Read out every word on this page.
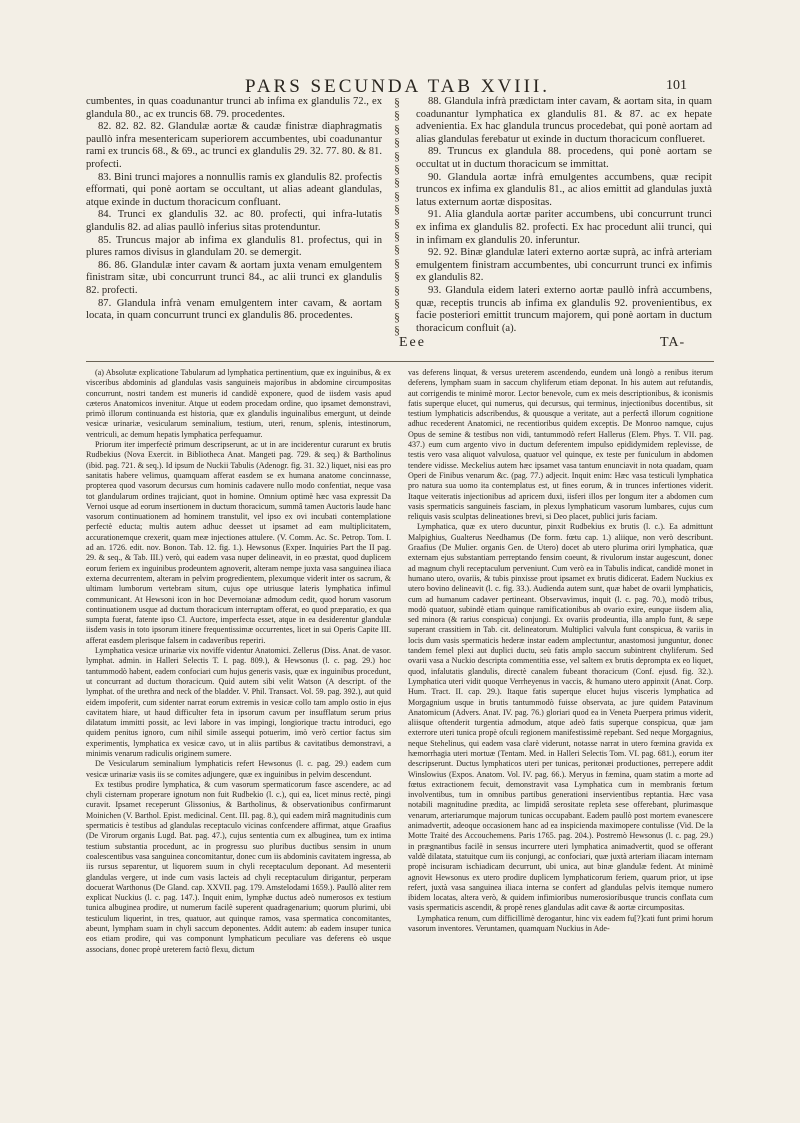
PARS SECUNDA TAB XVIII.	101

cumbentes, in quas coadunantur trunci ab infima ex glandulis 72., ex glandula 80., ac ex truncis 68. 79. procedentes.

82. 82. 82. 82. Glandulæ aortæ & caudæ finistræ diaphragmatis paullò infra mesentericam superiorem accumbentes, ubi coadunantur rami ex truncis 68., & 69., ac trunci ex glandulis 29. 32. 77. 80. & 81. profecti.

83. Bini trunci majores a nonnullis ramis ex glandulis 82. profectis efformati, qui ponè aortam se occultant, ut alias adeant glandulas, atque exinde in ductum thoracicum confluant.

84. Trunci ex glandulis 32. ac 80. profecti, qui infra-lutatis glandulis 82. ad alias paullò inferius sitas protenduntur.

85. Truncus major ab infima ex glandulis 81. profectus, qui in plures ramos divisus in glandulam 20. se demergit.

86. 86. Glandulæ inter cavam & aortam juxta venam emulgentem finistram sitæ, ubi concurrunt trunci 84., ac alii trunci ex glandulis 82. profecti.

87. Glandula infrà venam emulgentem inter cavam, & aortam locata, in quam concurrunt trunci ex glandulis 86. procedentes.

§
§
§
§
§
§
§
§
§
§
§
§
§
§
§
§
§
§

88. Glandula infrà prædictam inter cavam, & aortam sita, in quam coadunantur lymphatica ex glandulis 81. & 87. ac ex hepate advenientia. Ex hac glandula truncus procedebat, qui ponè aortam ad alias glandulas ferebatur ut exinde in ductum thoracicum conflueret.

89. Truncus ex glandula 88. procedens, qui ponè aortam se occultat ut in ductum thoracicum se immittat.

90. Glandula aortæ infrà emulgentes accumbens, quæ recipit truncos ex infima ex glandulis 81., ac alios emittit ad glandulas juxtà latus externum aortæ dispositas.

91. Alia glandula aortæ pariter accumbens, ubi concurrunt trunci ex infima ex glandulis 82. profecti. Ex hac procedunt alii trunci, qui in infimam ex glandulis 20. inferuntur.

92. 92. Binæ glandulæ lateri externo aortæ suprà, ac infrà arteriam emulgentem finistram accumbentes, ubi concurrunt trunci ex infimis ex glandulis 82.

93. Glandula eidem lateri externo aortæ paullò infrà accumbens, quæ, receptis truncis ab infima ex glandulis 92. provenientibus, ex facie posteriori emittit truncum majorem, qui ponè aortam in ductum thoracicum confluit (a).

Eee	TA-

(a) Absolutæ explicatione Tabularum ad lymphatica pertinentium, quæ ex inguinibus, & ex visceribus abdominis ad glandulas vasis sanguineis majoribus in abdomine circumpositas concurrunt, nostri tandem est muneris id candidè exponere, quod de iisdem vasis apud cæteros Anatomicos invenitur. Atque ut eodem procedam ordine, quo ipsamet demonstravi, primò illorum continuanda est historia, quæ ex glandulis inguinalibus emergunt, ut deinde vesicæ urinariæ, vesicularum seminalium, testium, uteri, renum, splenis, intestinorum, ventriculi, ac demum hepatis lymphatica perfequamur.

Priorum iter imperfectè primum descripserunt, ac ut in are inciderentur curarunt ex brutis Rudbekius (Nova Exercit. in Bibliotheca Anat. Mangeti pag. 729. & seq.) & Bartholinus (ibid. pag. 721. & seq.). Id ipsum de Nuckii Tabulis (Adenogr. fig. 31. 32.) liquet, nisi eas pro sanitatis habere velimus, quamquam afferat easdem se ex humana anatome concinnasse, propterea quod vasorum decursus cum hominis cadavere nullo modo confentiat, neque vasa tot glandularum ordines trajiciant, quot in homine. Omnium optimè hæc vasa expressit Da Vernoi usque ad eorum insertionem in ductum thoracicum, summâ tamen Auctoris laude hanc vasorum continuationem ad hominem transtulit, vel ipso ex ovi incubati contemplatione perfectè educta; multis autem adhuc deesset ut ipsamet ad eam multiplicitatem, accurationemque crexerit, quam meæ injectiones attulere. (V. Comm. Ac. Sc. Petrop. Tom. I. ad an. 1726. edit. nov. Bonon. Tab. 12. fig. 1.). Hewsonus (Exper. Inquiries Part the II pag. 29. & seq., & Tab. III.) verò, qui eadem vasa nuper delineavit, in eo præstat, quod duplicem eorum feriem ex inguinibus prodeuntem agnoverit, alteram nempe juxta vasa sanguinea iliaca externa decurrentem, alteram in pelvim progredientem, plexumque viderit inter os sacrum, & ultimam lumborum vertebram situm, cujus ope utriusque lateris lymphatica infimul communicant. At Hewsoni icon in hoc Devernoianæ admodum cedit, quod horum vasorum continuationem usque ad ductum thoracicum interruptam offerat, eo quod præparatio, ex qua sumpta fuerat, fatente ipso Cl. Auctore, imperfecta esset, atque in ea desiderentur glandulæ iisdem vasis in toto ipsorum itinere frequentissimæ occurrentes, licet in sui Operis Capite III. afferat easdem plerisque falsem in cadaveribus reperiri.

Lymphatica vesicæ urinariæ vix noviffe videntur Anatomici. Zellerus (Diss. Anat. de vasor. lymphat. admin. in Halleri Selectis T. I. pag. 809.), & Hewsonus (l. c. pag. 29.) hoc tantummodò habent, eadem confociari cum hujus generis vasis, quæ ex inguinibus procedunt, ut concurrant ad ductum thoracicum. Quid autem sibi velit Watson (A descript. of the lymphat. of the urethra and neck of the bladder. V. Phil. Transact. Vol. 59. pag. 392.), aut quid eidem impoferit, cum sidenter narrat eorum extremis in vesicæ collo tam amplo ostio in ejus cavitatem hiare, ut haud difficulter feta in ipsorum cavum per insufflatum serum prius dilatatum immitti possit, ac levi labore in vas impingi, longiorique tractu introduci, ego quidem penitus ignoro, cum nihil simile assequi potuerim, imò verò certior factus sim experimentis, lymphatica ex vesicæ cavo, ut in aliis partibus & cavitatibus demonstravi, a minimis venarum radiculis originem sumere.

De Vesicularum seminalium lymphaticis refert Hewsonus (l. c. pag. 29.) eadem cum vesicæ urinariæ vasis iis se comites adjungere, quæ ex inguinibus in pelvim descendunt.

Ex testibus prodire lymphatica, & cum vasorum spermaticorum fasce ascendere, ac ad chyli cisternam properare ignotum non fuit Rudbekio (l. c.), qui ea, licet minus rectè, pingi curavit. Ipsamet receperunt Glissonius, & Bartholinus, & observationibus confirmarunt Moinichen (V. Barthol. Epist. medicinal. Cent. III. pag. 8.), qui eadem mirâ magnitudinis cum spermaticis è testibus ad glandulas receptaculo vicinas confcendere affirmat, atque Graafius (De Virorum organis Lugd. Bat. pag. 47.), cujus sententia cum ex albuginea, tum ex intima testium substantia procedunt, ac in progressu suo pluribus ductibus sensim in unum coalescentibus vasa sanguinea concomitantur, donec cum iis abdominis cavitatem ingressa, ab iis rursus separentur, ut liquorem suum in chyli receptaculum deponant. Ad mesenterii glandulas vergere, ut inde cum vasis lacteis ad chyli receptaculum dirigantur, perperam docuerat Warthonus (De Gland. cap. XXVII. pag. 179. Amstelodami 1659.). Paullò aliter rem explicat Nuckius (l. c. pag. 147.). Inquit enim, lymphæ ductus adeò numerosos ex testium tunica albuginea prodire, ut numerum facilè superent quadragenarium; quorum plurimi, ubi testiculum liquerint, in tres, quatuor, aut quinque ramos, vasa spermatica concomitantes, abeunt, lympham suam in chyli saccum deponentes. Addit autem: ab eadem insuper tunica eos etiam prodire, qui vas componunt lymphaticum peculiare vas deferens eò usque associans, donec propè ureterem factò flexu, dictum

vas deferens linquat, & versus ureterem ascendendo, eundem unà longò a renibus iterum deferens, lympham suam in saccum chyliferum etiam deponat. In his autem aut refutandis, aut corrigendis te minimè moror. Lector benevole, cum ex meis descriptionibus, & iconismis fatis superque elucet, qui numerus, qui decursus, qui terminus, injectionibus docentibus, sit testium lymphaticis adscribendus, & quousque a veritate, aut a perfectâ illorum cognitione adhuc recederent Anatomici, ne recentioribus quidem exceptis. De Monroo namque, cujus Opus de semine & testibus non vidi, tantummodò refert Hallerus (Elem. Phys. T. VII. pag. 437.) eum cum argento vivo in ductum deferentem impulso epididymidem replevisse, de testis vero vasa aliquot valvulosa, quatuor vel quinque, ex teste per funiculum in abdomen tendere vidisse. Meckelius autem hæc ipsamet vasa tantum enunciavit in nota quadam, quam Operi de Finibus venarum &c. (pag. 77.) adjecit. Inquit enim: Hæc vasa testiculi lymphatica pro natura sua uomo ita contemplatus est, ut fines eorum, & in trunces infertiones viderit. Itaque veiteratis injectionibus ad apricem duxi, iisferi illos per longum iter a abdomen cum vasis spermaticis sanguineis fasciam, in plexus lymphaticum vasorum lumbares, cujus cum reliquis vasis sculptas delineationes brevi, si Deo placet, publici juris faciam.

Lymphatica, quæ ex utero ducuntur, pinxit Rudbekius ex brutis (l. c.). Ea admittunt Malpighius, Gualterus Needhamus (De form. fœtu cap. 1.) aliique, non verò describunt. Graafius (De Mulier. organis Gen. de Utero) docet ab utero plurima oriri lymphatica, quæ externam ejus substantiam perreptando fensim coeunt, & rivulorum instar augescunt, donec ad magnum chyli receptaculum perveniunt. Cum verò ea in Tabulis indicat, candidè monet in humano utero, ovariis, & tubis pinxisse prout ipsamet ex brutis didicerat. Eadem Nuckius ex utero bovino delineavit (l. c. fig. 33.). Audienda autem sunt, quæ habet de ovarii lymphaticis, cum ad humanum cadaver pertineant. Observavimus, inquit (l. c. pag. 70.), modò tribus, modò quatuor, subindè etiam quinque ramificationibus ab ovario exire, eunque iisdem alia, sed minora (& rarius conspicua) conjungi. Ex ovariis prodeuntia, illa amplo funt, & sæpe superant crassitiem in Tab. cit. delineatorum. Multiplici valvula funt conspicua, & variis in locis dum vasis spermaticis hederæ instar eadem amplectuntur, anastomosi junguntur, donec tandem femel plexi aut duplici ductu, seù fatis amplo saccum subintrent chyliferum. Sed ovarii vasa a Nuckio descripta commentitia esse, vel saltem ex brutis deprompta ex eo liquet, quod, infalutatis glandulis, directè canalem fubeant thoracicum (Conf. ejusd. fig. 32.). Lymphatica uteri vidit quoque Verrheyenus in vaccis, & humano utero appinxit (Anat. Corp. Hum. Tract. II. cap. 29.). Itaque fatis superque elucet hujus visceris lymphatica ad Morgagnium usque in brutis tantummodò fuisse observata, ac jure quidem Patavinum Anatomicum (Advers. Anat. IV. pag. 76.) gloriari quod ea in Veneta Puerpera primus viderit, aliisque oftenderit turgentia admodum, atque adeò fatis superque conspicua, quæ jam exterrore uteri tunica propè ofculi regionem manifestissimè repebant. Sed neque Morgagnius, neque Stehelinus, qui eadem vasa clarè viderunt, notasse narrat in utero fœmina gravida ex hæmorrhagia uteri mortuæ (Tentam. Med. in Halleri Selectis Tom. VI. pag. 681.), eorum iter descripserunt. Ductus lymphaticos uteri per tunicas, peritonæi productiones, perrepere addit Winslowius (Expos. Anatom. Vol. IV. pag. 66.). Meryus in fæmina, quam statim a morte ad fœtus extractionem fecuit, demonstravit vasa Lymphatica cum in membranis fœtum involventibus, tum in omnibus partibus generationi inservientibus reptantia. Hæc vasa notabili magnitudine prædita, ac limpidâ serositate repleta sese offerebant, plurimasque venarum, arteriarumque majorum tunicas occupabant. Eadem paullò post mortem evanescere animadvertit, adeoque occasionem hanc ad ea inspicienda maximopere contulisse (Vid. De la Motte Traité des Accouchemens. Paris 1765. pag. 204.). Postremò Hewsonus (l. c. pag. 29.) in prægnantibus facilè in sensus incurrere uteri lymphatica animadvertit, quod se offerant valdè dilatata, statuitque cum iis conjungi, ac confociari, quæ juxtà arteriam iliacam internam propè incisuram ischiadicam decurrunt, ubi unica, aut binæ glandulæ fedent. At minimè agnovit Hewsonus ex utero prodire duplicem lymphaticorum feriem, quarum prior, ut ipse refert, juxtà vasa sanguinea iliaca interna se confert ad glandulas pelvis itemque numero ibidem locatas, altera verò, & quidem infimioribus numerosioribusque truncis conflata cum vasis spermaticis ascendit, & propè renes glandulas adit cavæ & aortæ circumpositas.

Lymphatica renum, cum difficillimè derogantur, hinc vix eadem fu[?]cati funt primi horum vasorum inventores. Veruntamen, quamquam Nuckius in Ade-
